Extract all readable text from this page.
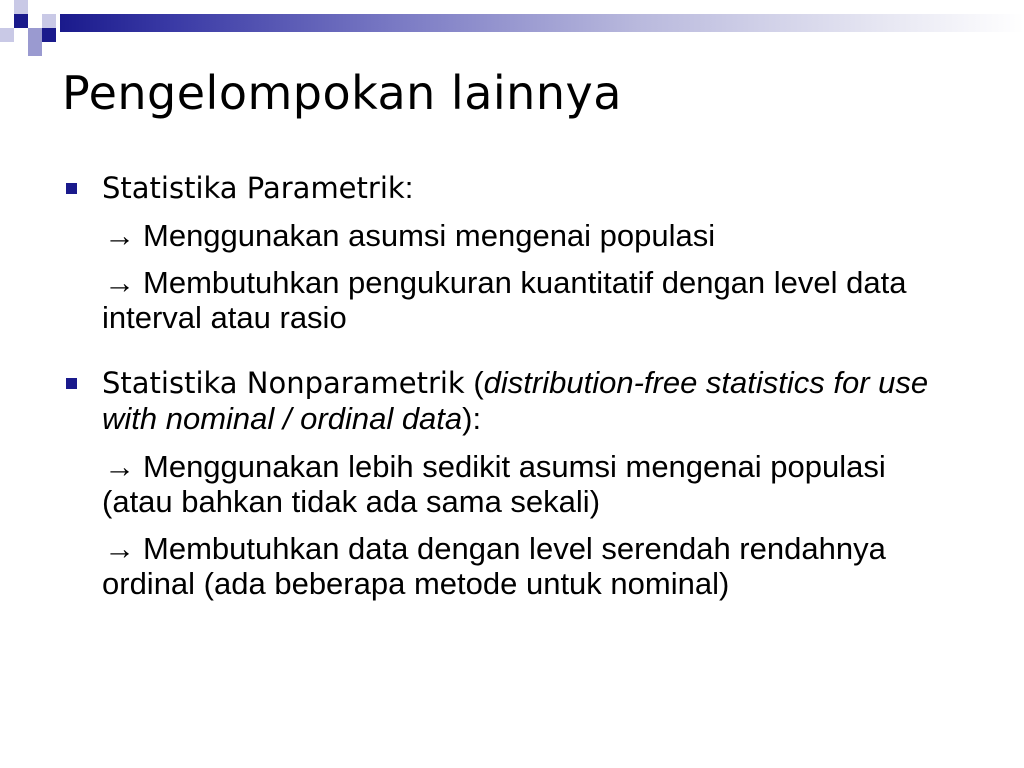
Pengelompokan lainnya

Statistika Parametrik:

→ Menggunakan asumsi mengenai populasi

→ Membutuhkan pengukuran kuantitatif dengan level data interval atau rasio

Statistika Nonparametrik (distribution-free statistics for use with nominal / ordinal data):

→ Menggunakan lebih sedikit asumsi mengenai populasi (atau bahkan tidak ada sama sekali)

→ Membutuhkan data dengan level serendah rendahnya ordinal (ada beberapa metode untuk nominal)
